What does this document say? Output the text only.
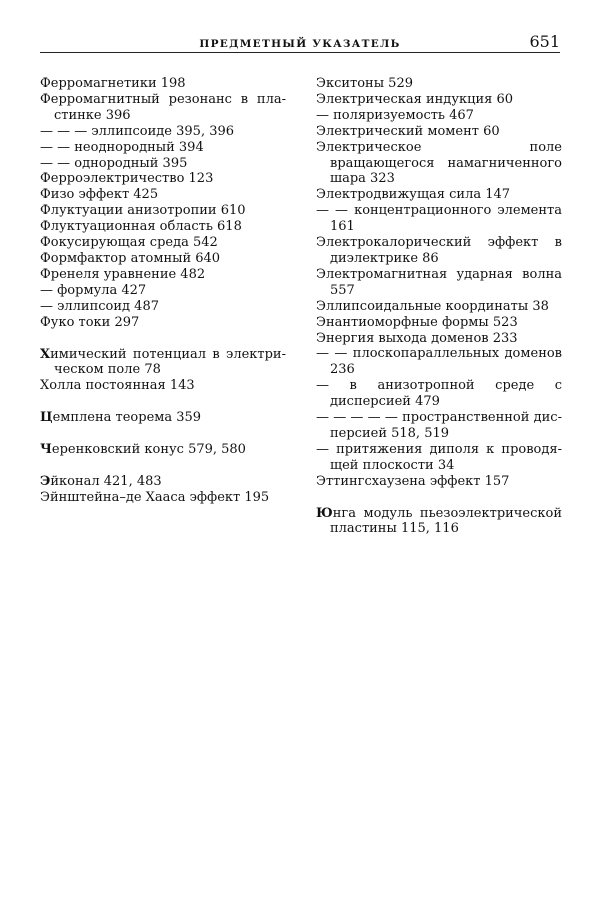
ПРЕДМЕТНЫЙ УКАЗАТЕЛЬ	651
Ферромагнетики 198
Ферромагнитный резонанс в пластинке 396
— — — эллипсоиде 395, 396
— — неоднородный 394
— — однородный 395
Ферроэлектричество 123
Физо эффект 425
Флуктуации анизотропии 610
Флуктуационная область 618
Фокусирующая среда 542
Формфактор атомный 640
Френеля уравнение 482
— формула 427
— эллипсоид 487
Фуко токи 297
Химический потенциал в электрическом поле 78
Холла постоянная 143
Цемплена теорема 359
Черенковский конус 579, 580
Эйконал 421, 483
Эйнштейна–де Хааса эффект 195
Экситоны 529
Электрическая индукция 60
— поляризуемость 467
Электрический момент 60
Электрическое поле вращающегося намагниченного шара 323
Электродвижущая сила 147
— — концентрационного элемента 161
Электрокалорический эффект в диэлектрике 86
Электромагнитная ударная волна 557
Эллипсоидальные координаты 38
Энантиоморфные формы 523
Энергия выхода доменов 233
— — плоскопараллельных доменов 236
— в анизотропной среде с дисперсией 479
— — — — — пространственной дисперсией 518, 519
— притяжения диполя к проводящей плоскости 34
Эттингсхаузена эффект 157
Юнга модуль пьезоэлектрической пластины 115, 116
